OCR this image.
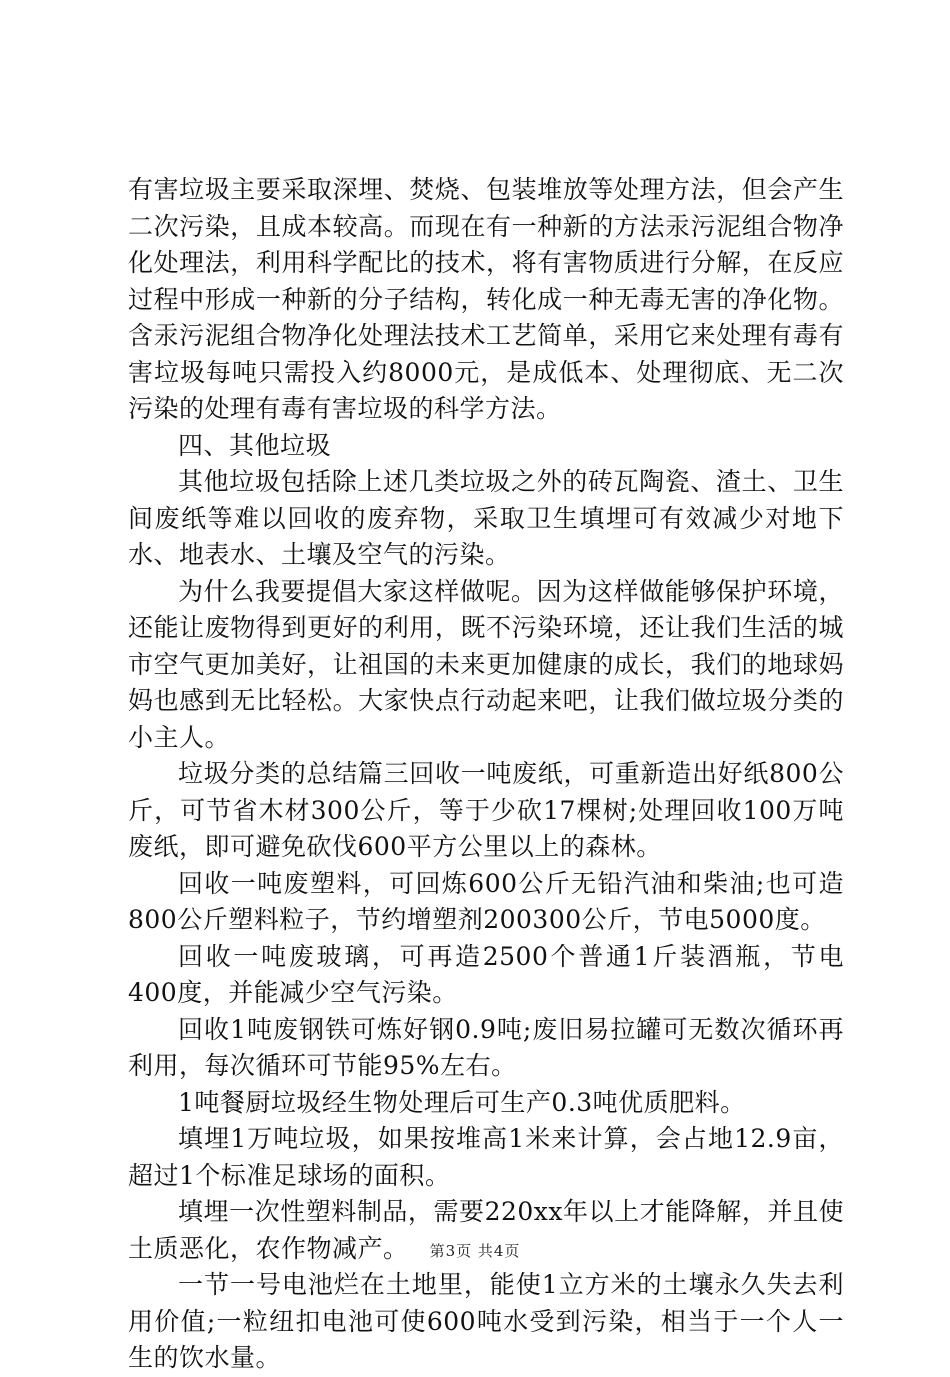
有害垃圾主要采取深埋、焚烧、包装堆放等处理方法，但会产生二次污染，且成本较高。而现在有一种新的方法汞污泥组合物净化处理法，利用科学配比的技术，将有害物质进行分解，在反应过程中形成一种新的分子结构，转化成一种无毒无害的净化物。含汞污泥组合物净化处理法技术工艺简单，采用它来处理有毒有害垃圾每吨只需投入约8000元，是成低本、处理彻底、无二次污染的处理有毒有害垃圾的科学方法。

四、其他垃圾

其他垃圾包括除上述几类垃圾之外的砖瓦陶瓷、渣土、卫生间废纸等难以回收的废弃物，采取卫生填埋可有效减少对地下水、地表水、土壤及空气的污染。

为什么我要提倡大家这样做呢。因为这样做能够保护环境，还能让废物得到更好的利用，既不污染环境，还让我们生活的城市空气更加美好，让祖国的未来更加健康的成长，我们的地球妈妈也感到无比轻松。大家快点行动起来吧，让我们做垃圾分类的小主人。

垃圾分类的总结篇三回收一吨废纸，可重新造出好纸800公斤，可节省木材300公斤，等于少砍17棵树;处理回收100万吨废纸，即可避免砍伐600平方公里以上的森林。

回收一吨废塑料，可回炼600公斤无铅汽油和柴油;也可造800公斤塑料粒子，节约增塑剂200300公斤，节电5000度。

回收一吨废玻璃，可再造2500个普通1斤装酒瓶，节电400度，并能减少空气污染。

回收1吨废钢铁可炼好钢0.9吨;废旧易拉罐可无数次循环再利用，每次循环可节能95%左右。

1吨餐厨垃圾经生物处理后可生产0.3吨优质肥料。

填埋1万吨垃圾，如果按堆高1米来计算，会占地12.9亩，超过1个标准足球场的面积。

填埋一次性塑料制品，需要220xx年以上才能降解，并且使土质恶化，农作物减产。

一节一号电池烂在土地里，能使1立方米的土壤永久失去利用价值;一粒纽扣电池可使600吨水受到污染，相当于一个人一生的饮水量。

第3页 共4页
